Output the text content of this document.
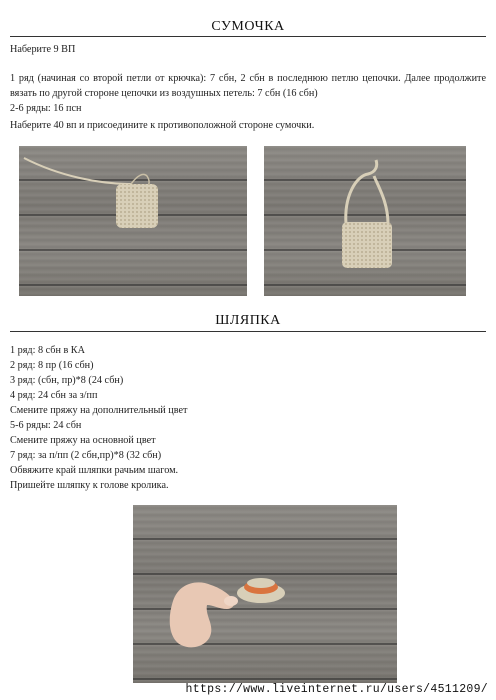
СУМОЧКА
Наберите 9 ВП
1 ряд (начиная со второй петли от крючка): 7 сбн, 2 сбн в последнюю петлю цепочки. Далее продолжите вязать по другой стороне цепочки из воздушных петель: 7 сбн (16 сбн)
2-6 ряды: 16 псн
Наберите 40 вп и присоедините к противоположной стороне сумочки.
ШЛЯПКА
1 ряд: 8 сбн в КА
2 ряд: 8 пр (16 сбн)
3 ряд: (сбн, пр)*8 (24 сбн)
4 ряд: 24 сбн за з/пп
Смените пряжу на дополнительный цвет
5-6 ряды: 24 сбн
Смените пряжу на основной цвет
7 ряд: за п/пп (2 сбн,пр)*8 (32 сбн)
Обвяжите край шляпки рачьим шагом.
Пришейте шляпку к голове кролика.
https://www.liveinternet.ru/users/4511209/
